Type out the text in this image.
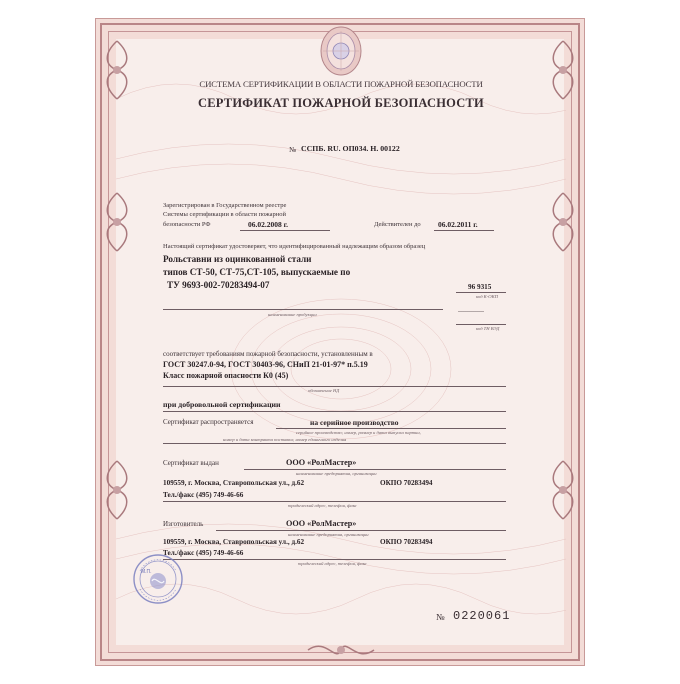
СИСТЕМА СЕРТИФИКАЦИИ В ОБЛАСТИ ПОЖАРНОЙ БЕЗОПАСНОСТИ
СЕРТИФИКАТ ПОЖАРНОЙ БЕЗОПАСНОСТИ
№ ССПБ. RU. ОП034. Н. 00122
Зарегистрирован в Государственном реестре
Системы сертификации в области пожарной
безопасности РФ	06.02.2008 г.	Действителен до 06.02.2011 г.
Настоящий сертификат удостоверяет, что идентифицированный надлежащим образом образец
Рольставни из оцинкованной стали
типов СТ-50, СТ-75,СТ-105, выпускаемые по
ТУ 9693-002-70283494-07	96 9315
код К-ОКП
наименование продукции	-------------
код ТН ВЭД
соответствует требованиям пожарной безопасности, установленным в
ГОСТ 30247.0-94, ГОСТ 30403-96, СНиП 21-01-97* п.5.19
Класс пожарной опасности К0 (45)
обозначение НД
при добровольной сертификации
Сертификат распространяется	на серийное производство
серийное производство; номер, размер и дата выпуска партии,
номер и дата контракта поставки; номер единичного изделия
Сертификат выдан	ООО «РолМастер»
наименование предприятия, организации
109559, г. Москва, Ставропольская ул., д.62	ОКПО 70283494
Тел./факс (495) 749-46-66
юридический адрес, телефон, факс
Изготовитель	ООО «РолМастер»
наименование предприятия, организации
109559, г. Москва, Ставропольская ул., д.62	ОКПО 70283494
Тел./факс (495) 749-46-66
юридический адрес, телефон, факс
№ 0220061
М.П.
